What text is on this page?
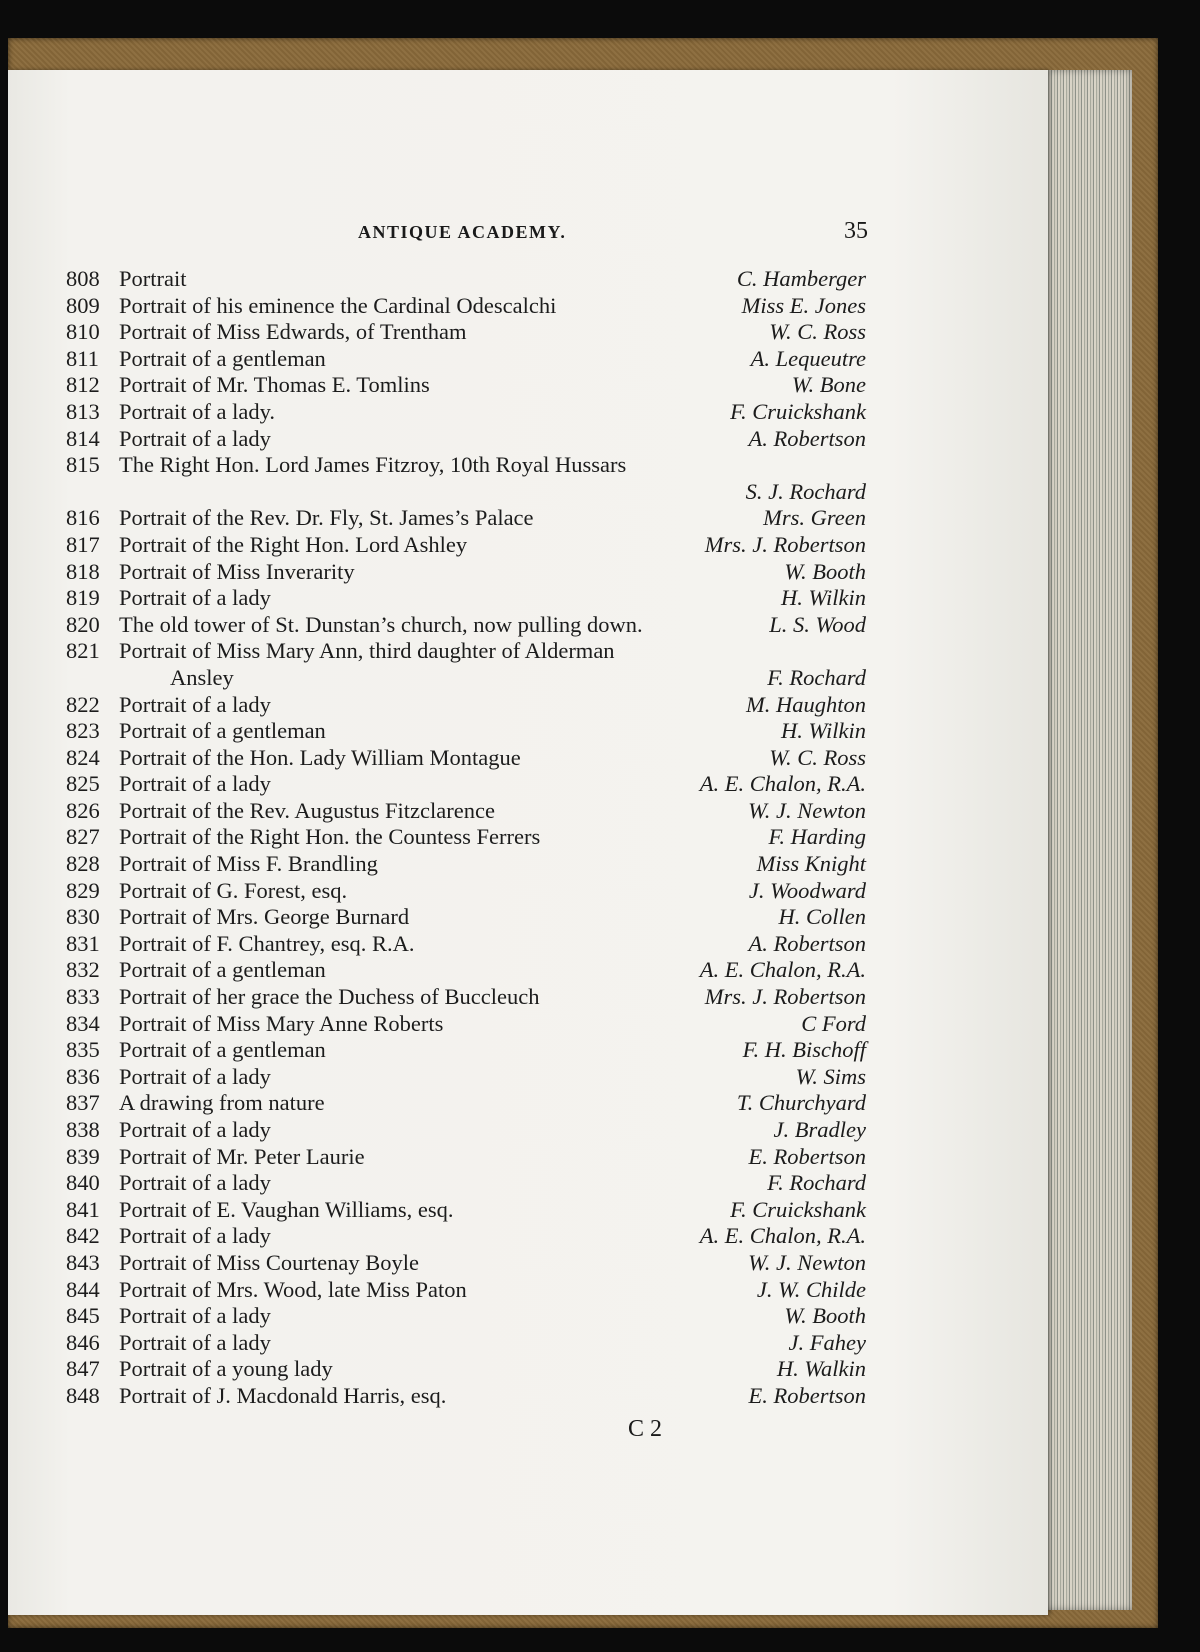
ANTIQUE ACADEMY.	35
808 Portrait	C. Hamberger
809 Portrait of his eminence the Cardinal Odescalchi	Miss E. Jones
810 Portrait of Miss Edwards, of Trentham	W. C. Ross
811 Portrait of a gentleman	A. Lequeutre
812 Portrait of Mr. Thomas E. Tomlins	W. Bone
813 Portrait of a lady.	F. Cruickshank
814 Portrait of a lady	A. Robertson
815 The Right Hon. Lord James Fitzroy, 10th Royal Hussars
S. J. Rochard
816 Portrait of the Rev. Dr. Fly, St. James’s Palace	Mrs. Green
817 Portrait of the Right Hon. Lord Ashley	Mrs. J. Robertson
818 Portrait of Miss Inverarity	W. Booth
819 Portrait of a lady	H. Wilkin
820 The old tower of St. Dunstan’s church, now pulling down.	L. S. Wood
821 Portrait of Miss Mary Ann, third daughter of Alderman
Ansley	F. Rochard
822 Portrait of a lady	M. Haughton
823 Portrait of a gentleman	H. Wilkin
824 Portrait of the Hon. Lady William Montague	W. C. Ross
825 Portrait of a lady	A. E. Chalon, R.A.
826 Portrait of the Rev. Augustus Fitzclarence	W. J. Newton
827 Portrait of the Right Hon. the Countess Ferrers	F. Harding
828 Portrait of Miss F. Brandling	Miss Knight
829 Portrait of G. Forest, esq.	J. Woodward
830 Portrait of Mrs. George Burnard	H. Collen
831 Portrait of F. Chantrey, esq. R.A.	A. Robertson
832 Portrait of a gentleman	A. E. Chalon, R.A.
833 Portrait of her grace the Duchess of Buccleuch	Mrs. J. Robertson
834 Portrait of Miss Mary Anne Roberts	C Ford
835 Portrait of a gentleman	F. H. Bischoff
836 Portrait of a lady	W. Sims
837 A drawing from nature	T. Churchyard
838 Portrait of a lady	J. Bradley
839 Portrait of Mr. Peter Laurie	E. Robertson
840 Portrait of a lady	F. Rochard
841 Portrait of E. Vaughan Williams, esq.	F. Cruickshank
842 Portrait of a lady	A. E. Chalon, R.A.
843 Portrait of Miss Courtenay Boyle	W. J. Newton
844 Portrait of Mrs. Wood, late Miss Paton	J. W. Childe
845 Portrait of a lady	W. Booth
846 Portrait of a lady	J. Fahey
847 Portrait of a young lady	H. Walkin
848 Portrait of J. Macdonald Harris, esq.	E. Robertson
C 2
